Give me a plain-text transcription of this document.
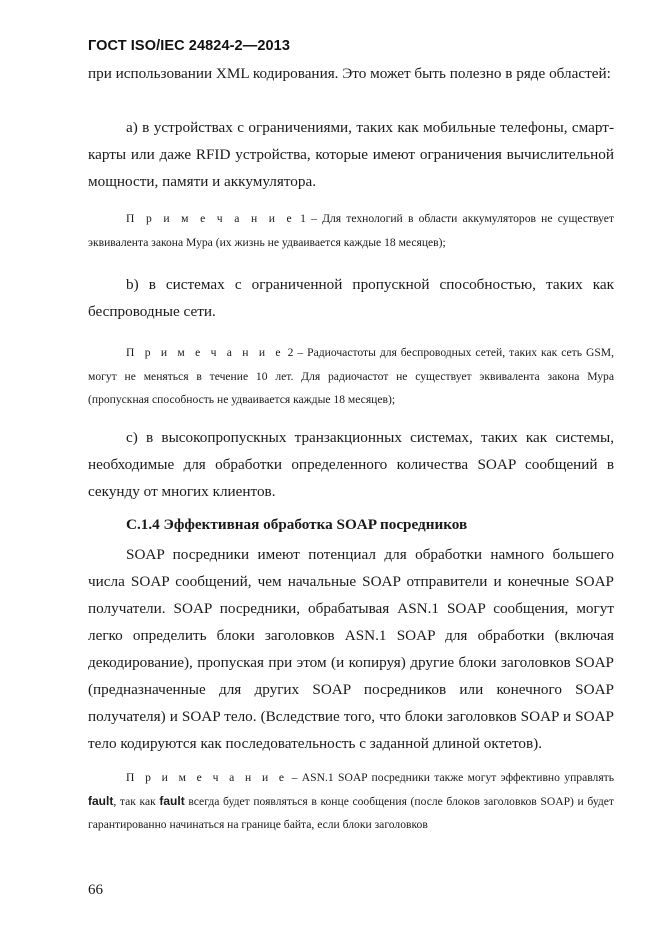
ГОСТ ISO/IEC 24824-2—2013

при использовании XML кодирования. Это может быть полезно в ряде областей:

а) в устройствах с ограничениями, таких как мобильные телефоны, смарт-карты или даже RFID устройства, которые имеют ограничения вычислительной мощности, памяти и аккумулятора.

П р и м е ч а н и е 1 – Для технологий в области аккумуляторов не существует эквивалента закона Мура (их жизнь не удваивается каждые 18 месяцев);

b) в системах с ограниченной пропускной способностью, таких как беспроводные сети.

П р и м е ч а н и е 2 – Радиочастоты для беспроводных сетей, таких как сеть GSM, могут не меняться в течение 10 лет. Для радиочастот не существует эквивалента закона Мура (пропускная способность не удваивается каждые 18 месяцев);

с) в высокопропускных транзакционных системах, таких как системы, необходимые для обработки определенного количества SOAP сообщений в секунду от многих клиентов.

С.1.4 Эффективная обработка SOAP посредников

SOAP посредники имеют потенциал для обработки намного большего числа SOAP сообщений, чем начальные SOAP отправители и конечные SOAP получатели. SOAP посредники, обрабатывая ASN.1 SOAP сообщения, могут легко определить блоки заголовков ASN.1 SOAP для обработки (включая декодирование), пропуская при этом (и копируя) другие блоки заголовков SOAP (предназначенные для других SOAP посредников или конечного SOAP получателя) и SOAP тело. (Вследствие того, что блоки заголовков SOAP и SOAP тело кодируются как последовательность с заданной длиной октетов).

П р и м е ч а н и е – ASN.1 SOAP посредники также могут эффективно управлять fault, так как fault всегда будет появляться в конце сообщения (после блоков заголовков SOAP) и будет гарантированно начинаться на границе байта, если блоки заголовков

66
